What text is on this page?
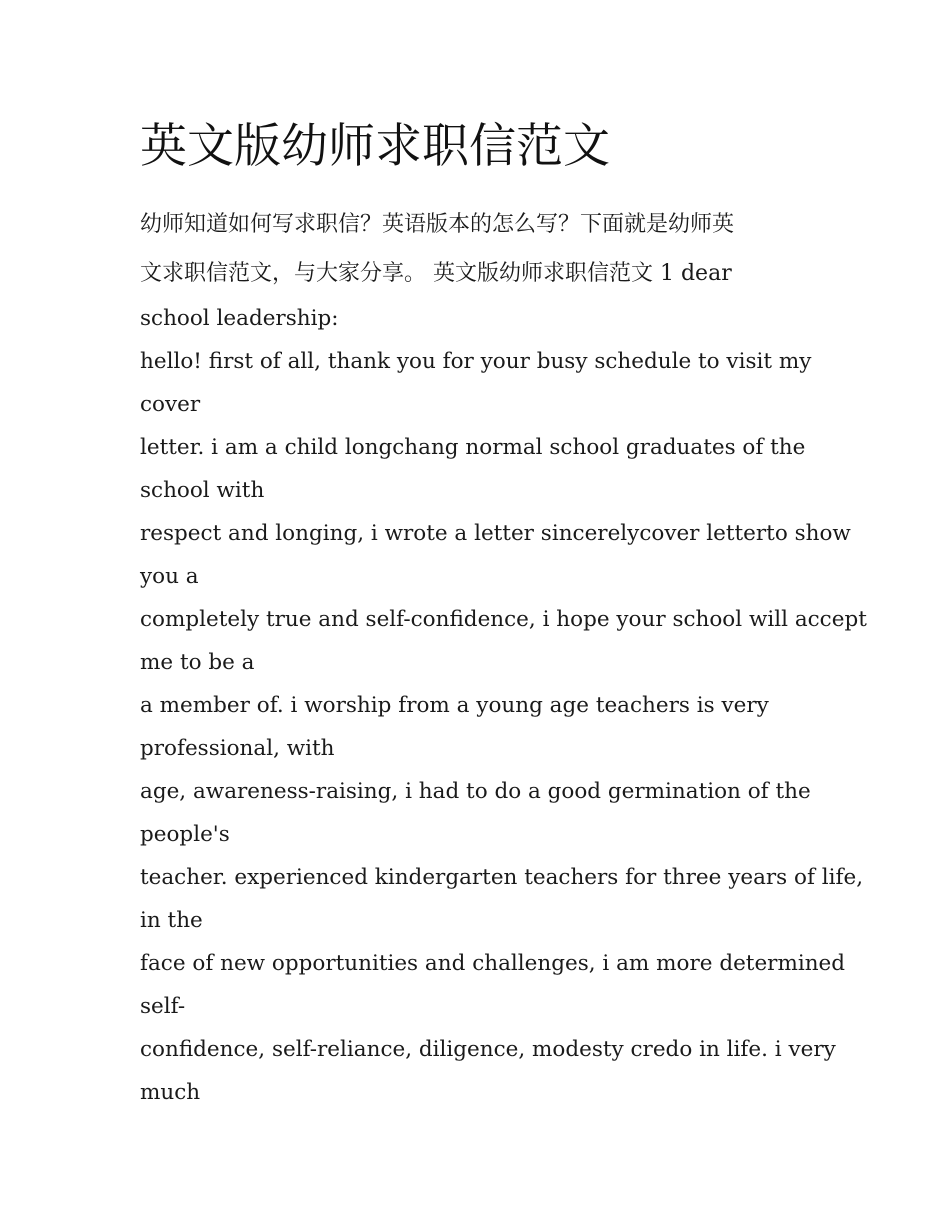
英文版幼师求职信范文
幼师知道如何写求职信？英语版本的怎么写？下面就是幼师英
文求职信范文，与大家分享。 英文版幼师求职信范文 1 dear
school leadership:
hello! first of all, thank you for your busy schedule to visit my
cover
letter. i am a child longchang normal school graduates of the
school with
respect and longing, i wrote a letter sincerelycover letterto show
you a
completely true and self-confidence, i hope your school will accept
me to be a
a member of. i worship from a young age teachers is very
professional, with
age, awareness-raising, i had to do a good germination of the
people's
teacher. experienced kindergarten teachers for three years of life,
in the
face of new opportunities and challenges, i am more determined
self-
confidence, self-reliance, diligence, modesty credo in life. i very
much
